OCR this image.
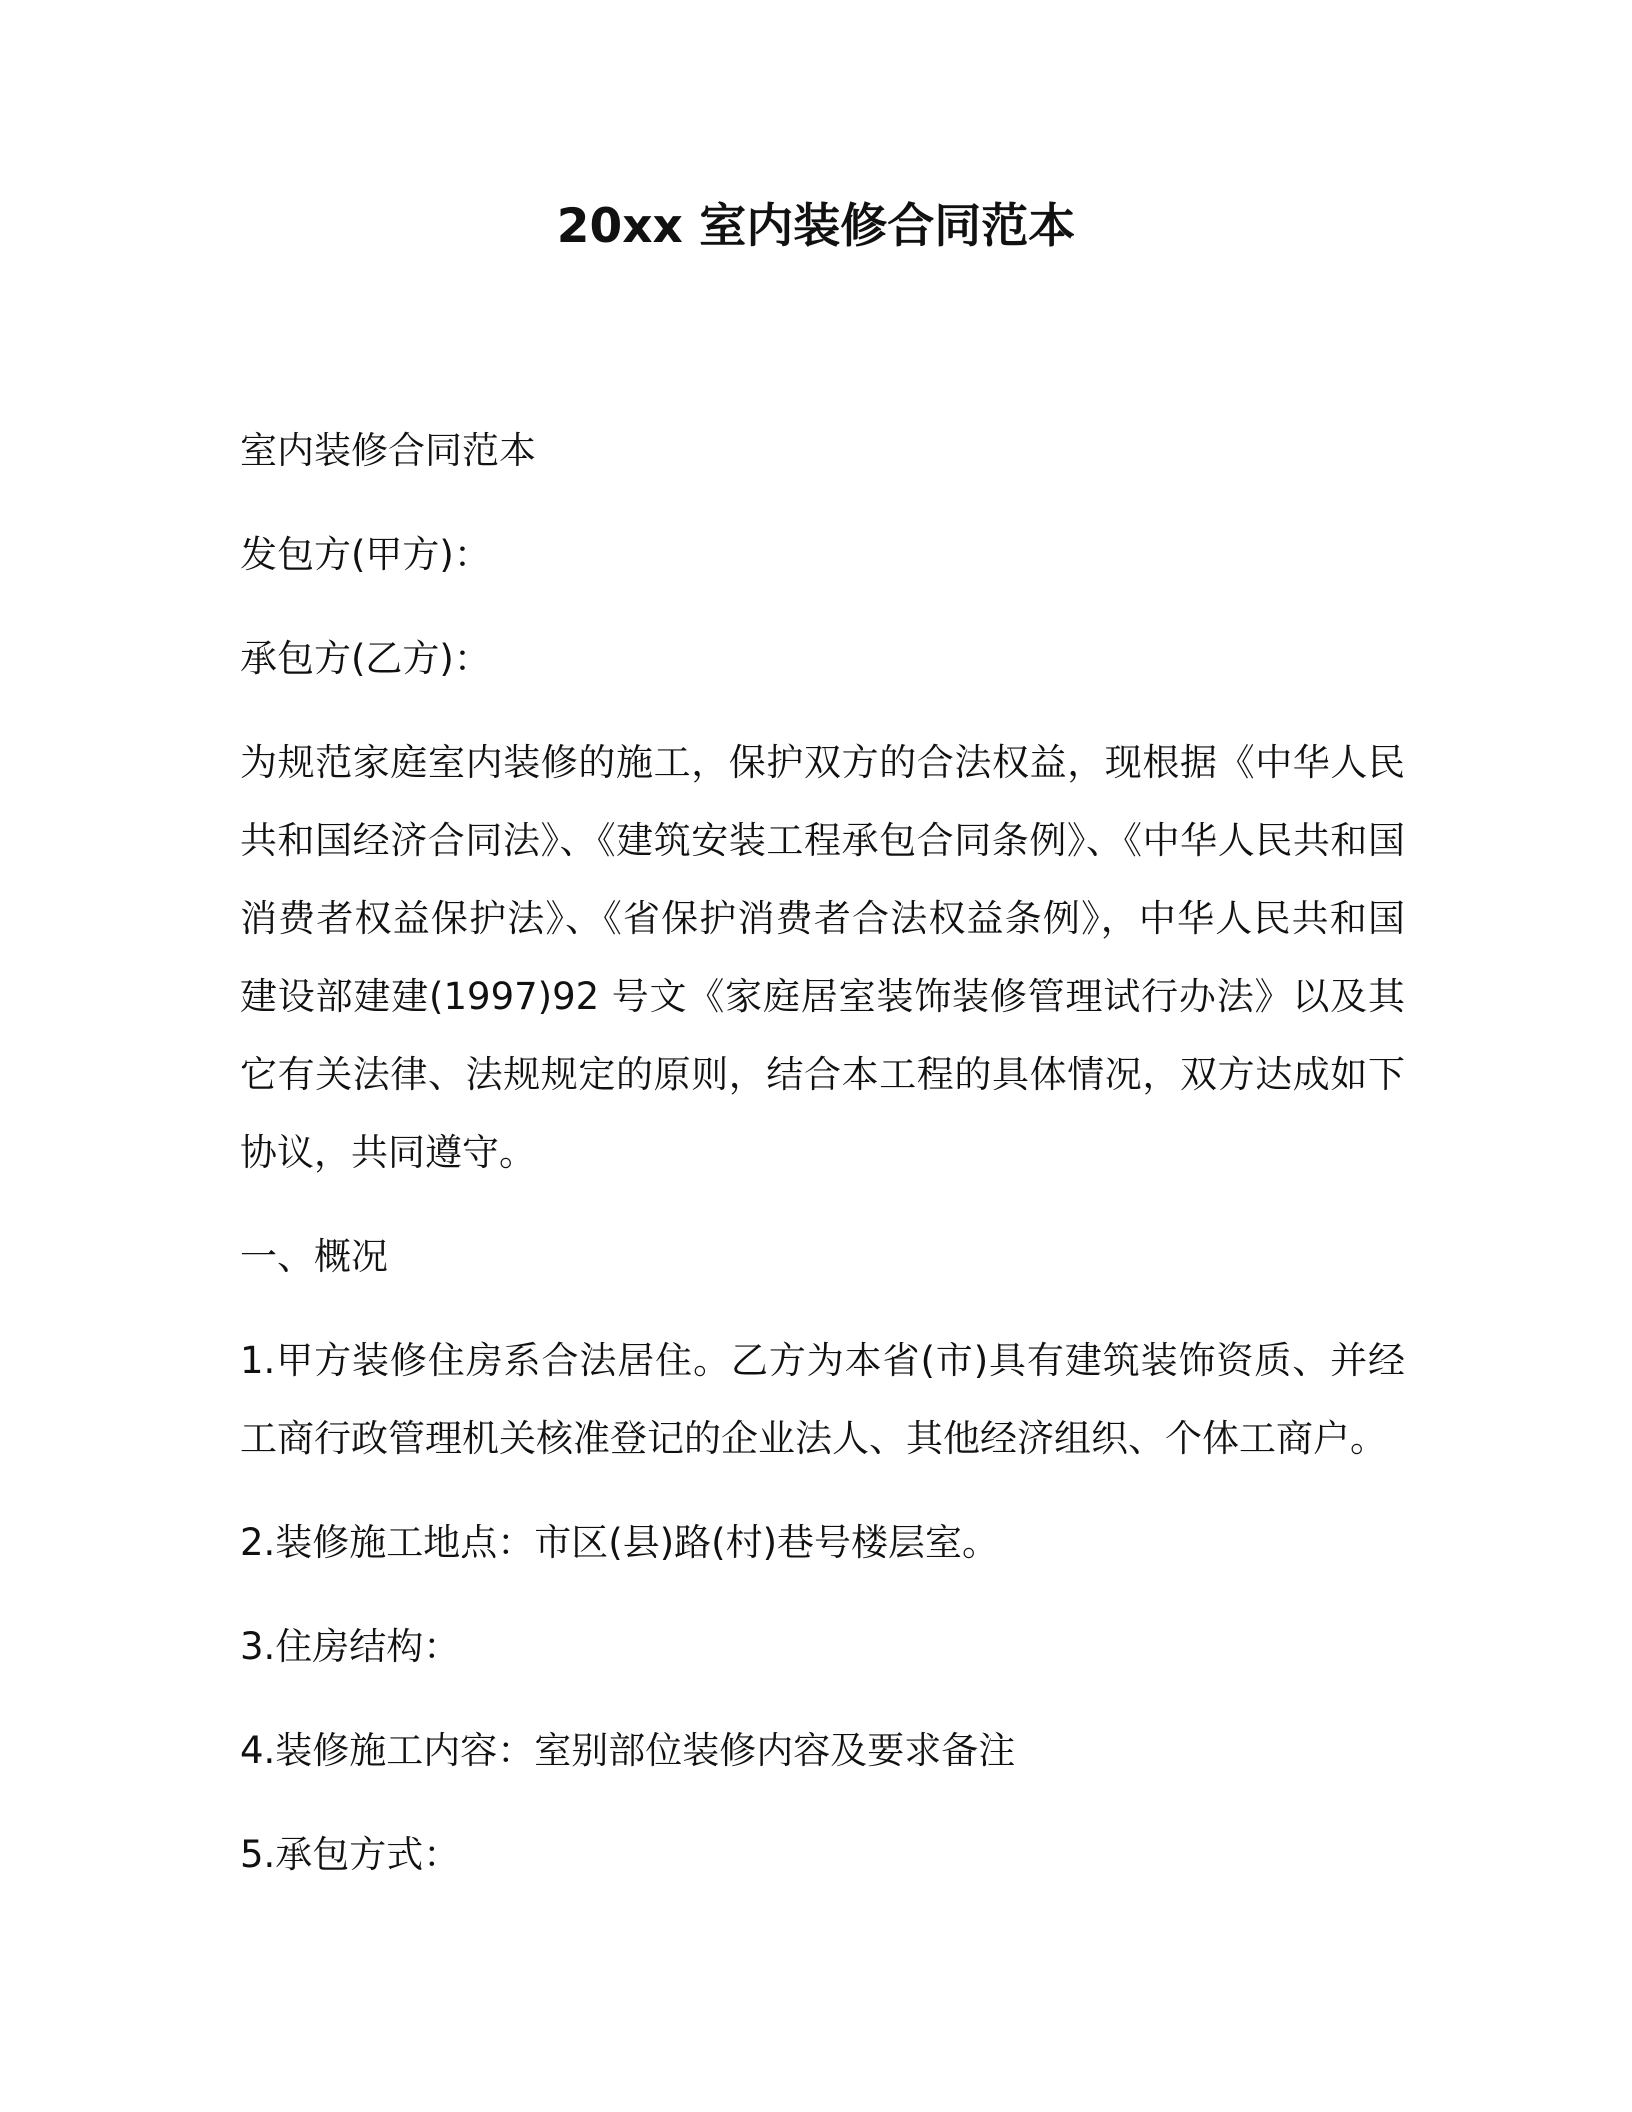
20xx 室内装修合同范本

室内装修合同范本

发包方(甲方)：

承包方(乙方)：

为规范家庭室内装修的施工，保护双方的合法权益，现根据《中华人民共和国经济合同法》、《建筑安装工程承包合同条例》、《中华人民共和国消费者权益保护法》、《省保护消费者合法权益条例》，中华人民共和国建设部建建(1997)92 号文《家庭居室装饰装修管理试行办法》以及其它有关法律、法规规定的原则，结合本工程的具体情况，双方达成如下协议，共同遵守。

一、概况

1.甲方装修住房系合法居住。乙方为本省(市)具有建筑装饰资质、并经工商行政管理机关核准登记的企业法人、其他经济组织、个体工商户。

2.装修施工地点：市区(县)路(村)巷号楼层室。

3.住房结构：

4.装修施工内容：室别部位装修内容及要求备注

5.承包方式：
